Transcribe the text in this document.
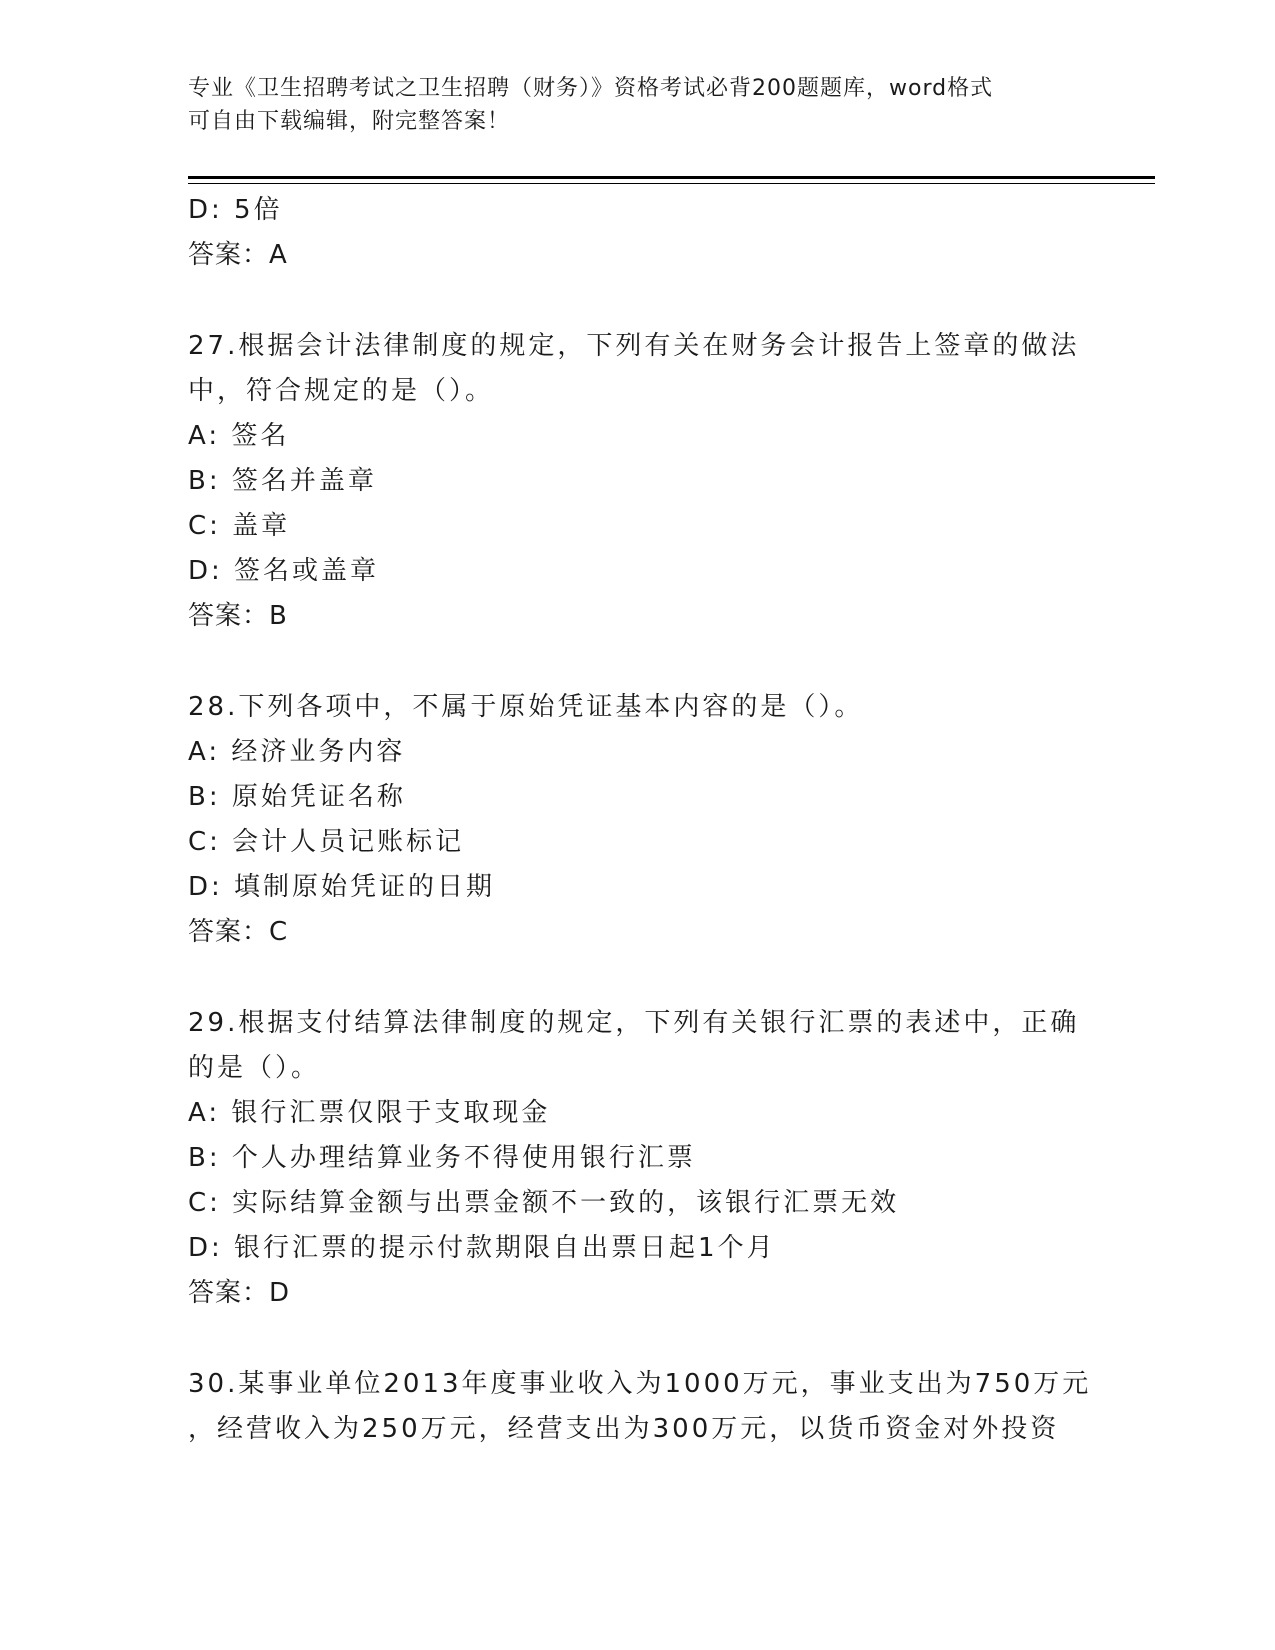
专业《卫生招聘考试之卫生招聘（财务）》资格考试必背200题题库，word格式
可自由下载编辑，附完整答案！
D: 5倍
答案：A
27.根据会计法律制度的规定，下列有关在财务会计报告上签章的做法
中，符合规定的是（）。
A: 签名
B: 签名并盖章
C: 盖章
D: 签名或盖章
答案：B
28.下列各项中，不属于原始凭证基本内容的是（）。
A: 经济业务内容
B: 原始凭证名称
C: 会计人员记账标记
D: 填制原始凭证的日期
答案：C
29.根据支付结算法律制度的规定，下列有关银行汇票的表述中，正确
的是（）。
A: 银行汇票仅限于支取现金
B: 个人办理结算业务不得使用银行汇票
C: 实际结算金额与出票金额不一致的，该银行汇票无效
D: 银行汇票的提示付款期限自出票日起1个月
答案：D
30.某事业单位2013年度事业收入为1000万元，事业支出为750万元
，经营收入为250万元，经营支出为300万元，以货币资金对外投资
